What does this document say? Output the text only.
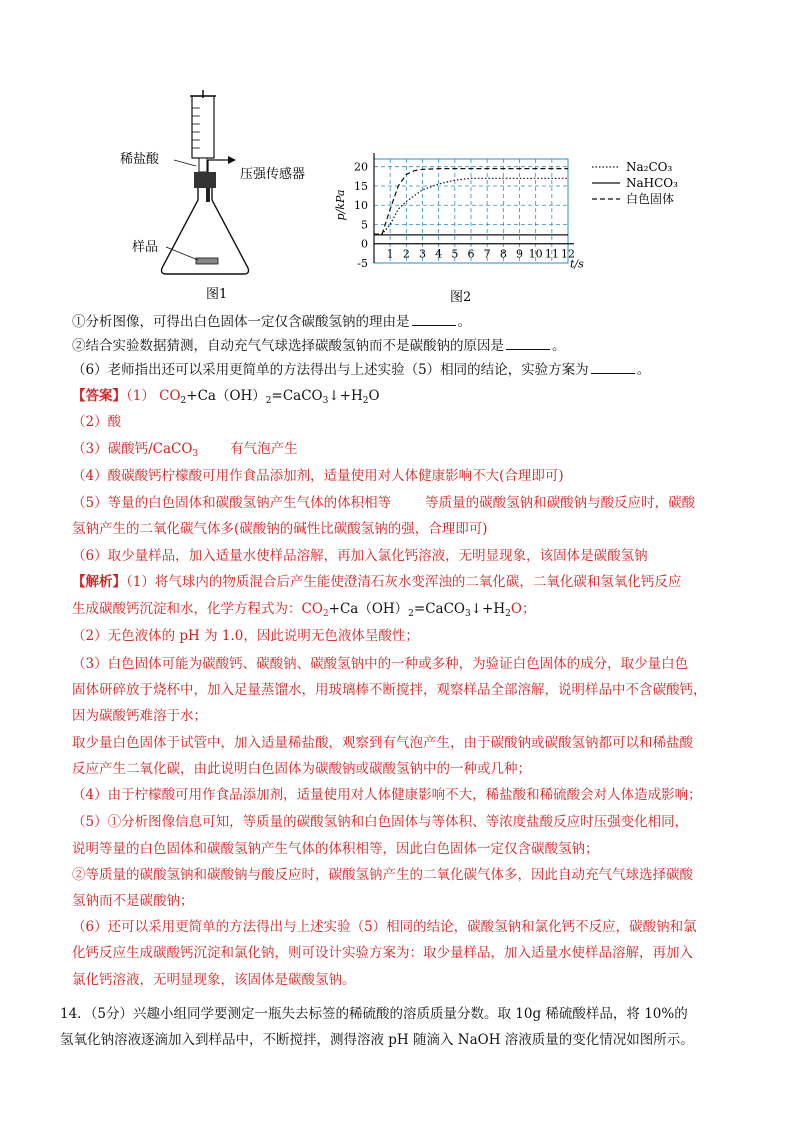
稀盐酸
压强传感器
样品
图1
1 2 3 4 5 6 7 8 9 10 11 12
-5
0
5
10
15
20
p/kPa
t/s
Na₂CO₃
NaHCO₃
白色固体
图2
①分析图像，可得出白色固体一定仅含碳酸氢钠的理由是	。
②结合实验数据猜测，自动充气气球选择碳酸氢钠而不是碳酸钠的原因是	。
（6）老师指出还可以采用更简单的方法得出与上述实验（5）相同的结论，实验方案为	。
【答案】（1） $CO_2+Ca(OH)_2=CaCO_3↓+H_2O$
（2）酸
（3）碳酸钙/CaCO$_3$ 有气泡产生
（4）酸碳酸钙柠檬酸可用作食品添加剂，适量使用对人体健康影响不大(合理即可)
（5）等量的白色固体和碳酸氢钠产生气体的体积相等	等质量的碳酸氢钠和碳酸钠与酸反应时，碳酸
氢钠产生的二氧化碳气体多(碳酸钠的碱性比碳酸氢钠的强，合理即可)
（6）取少量样品，加入适量水使样品溶解，再加入氯化钙溶液，无明显现象，该固体是碳酸氢钠
【解析】（1）将气球内的物质混合后产生能使澄清石灰水变浑浊的二氧化碳，二氧化碳和氢氧化钙反应
生成碳酸钙沉淀和水，化学方程式为：$CO_2+Ca(OH)_2=CaCO_3↓+H_2O$；
（2）无色液体的 pH 为 1.0，因此说明无色液体呈酸性；
（3）白色固体可能为碳酸钙、碳酸钠、碳酸氢钠中的一种或多种，为验证白色固体的成分，取少量白色
固体研碎放于烧杯中，加入足量蒸馏水，用玻璃棒不断搅拌，观察样品全部溶解，说明样品中不含碳酸钙，
因为碳酸钙难溶于水；
取少量白色固体于试管中，加入适量稀盐酸，观察到有气泡产生，由于碳酸钠或碳酸氢钠都可以和稀盐酸
反应产生二氧化碳，由此说明白色固体为碳酸钠或碳酸氢钠中的一种或几种；
（4）由于柠檬酸可用作食品添加剂，适量使用对人体健康影响不大，稀盐酸和稀硫酸会对人体造成影响；
（5）①分析图像信息可知，等质量的碳酸氢钠和白色固体与等体积、等浓度盐酸反应时压强变化相同，
说明等量的白色固体和碳酸氢钠产生气体的体积相等，因此白色固体一定仅含碳酸氢钠；
②等质量的碳酸氢钠和碳酸钠与酸反应时，碳酸氢钠产生的二氧化碳气体多，因此自动充气气球选择碳酸
氢钠而不是碳酸钠；
（6）还可以采用更简单的方法得出与上述实验（5）相同的结论，碳酸氢钠和氯化钙不反应，碳酸钠和氯
化钙反应生成碳酸钙沉淀和氯化钠，则可设计实验方案为：取少量样品，加入适量水使样品溶解，再加入
氯化钙溶液，无明显现象，该固体是碳酸氢钠。
14．（5分）兴趣小组同学要测定一瓶失去标签的稀硫酸的溶质质量分数。取 10g 稀硫酸样品，将 10%的
氢氧化钠溶液逐滴加入到样品中，不断搅拌，测得溶液 pH 随滴入 NaOH 溶液质量的变化情况如图所示。
